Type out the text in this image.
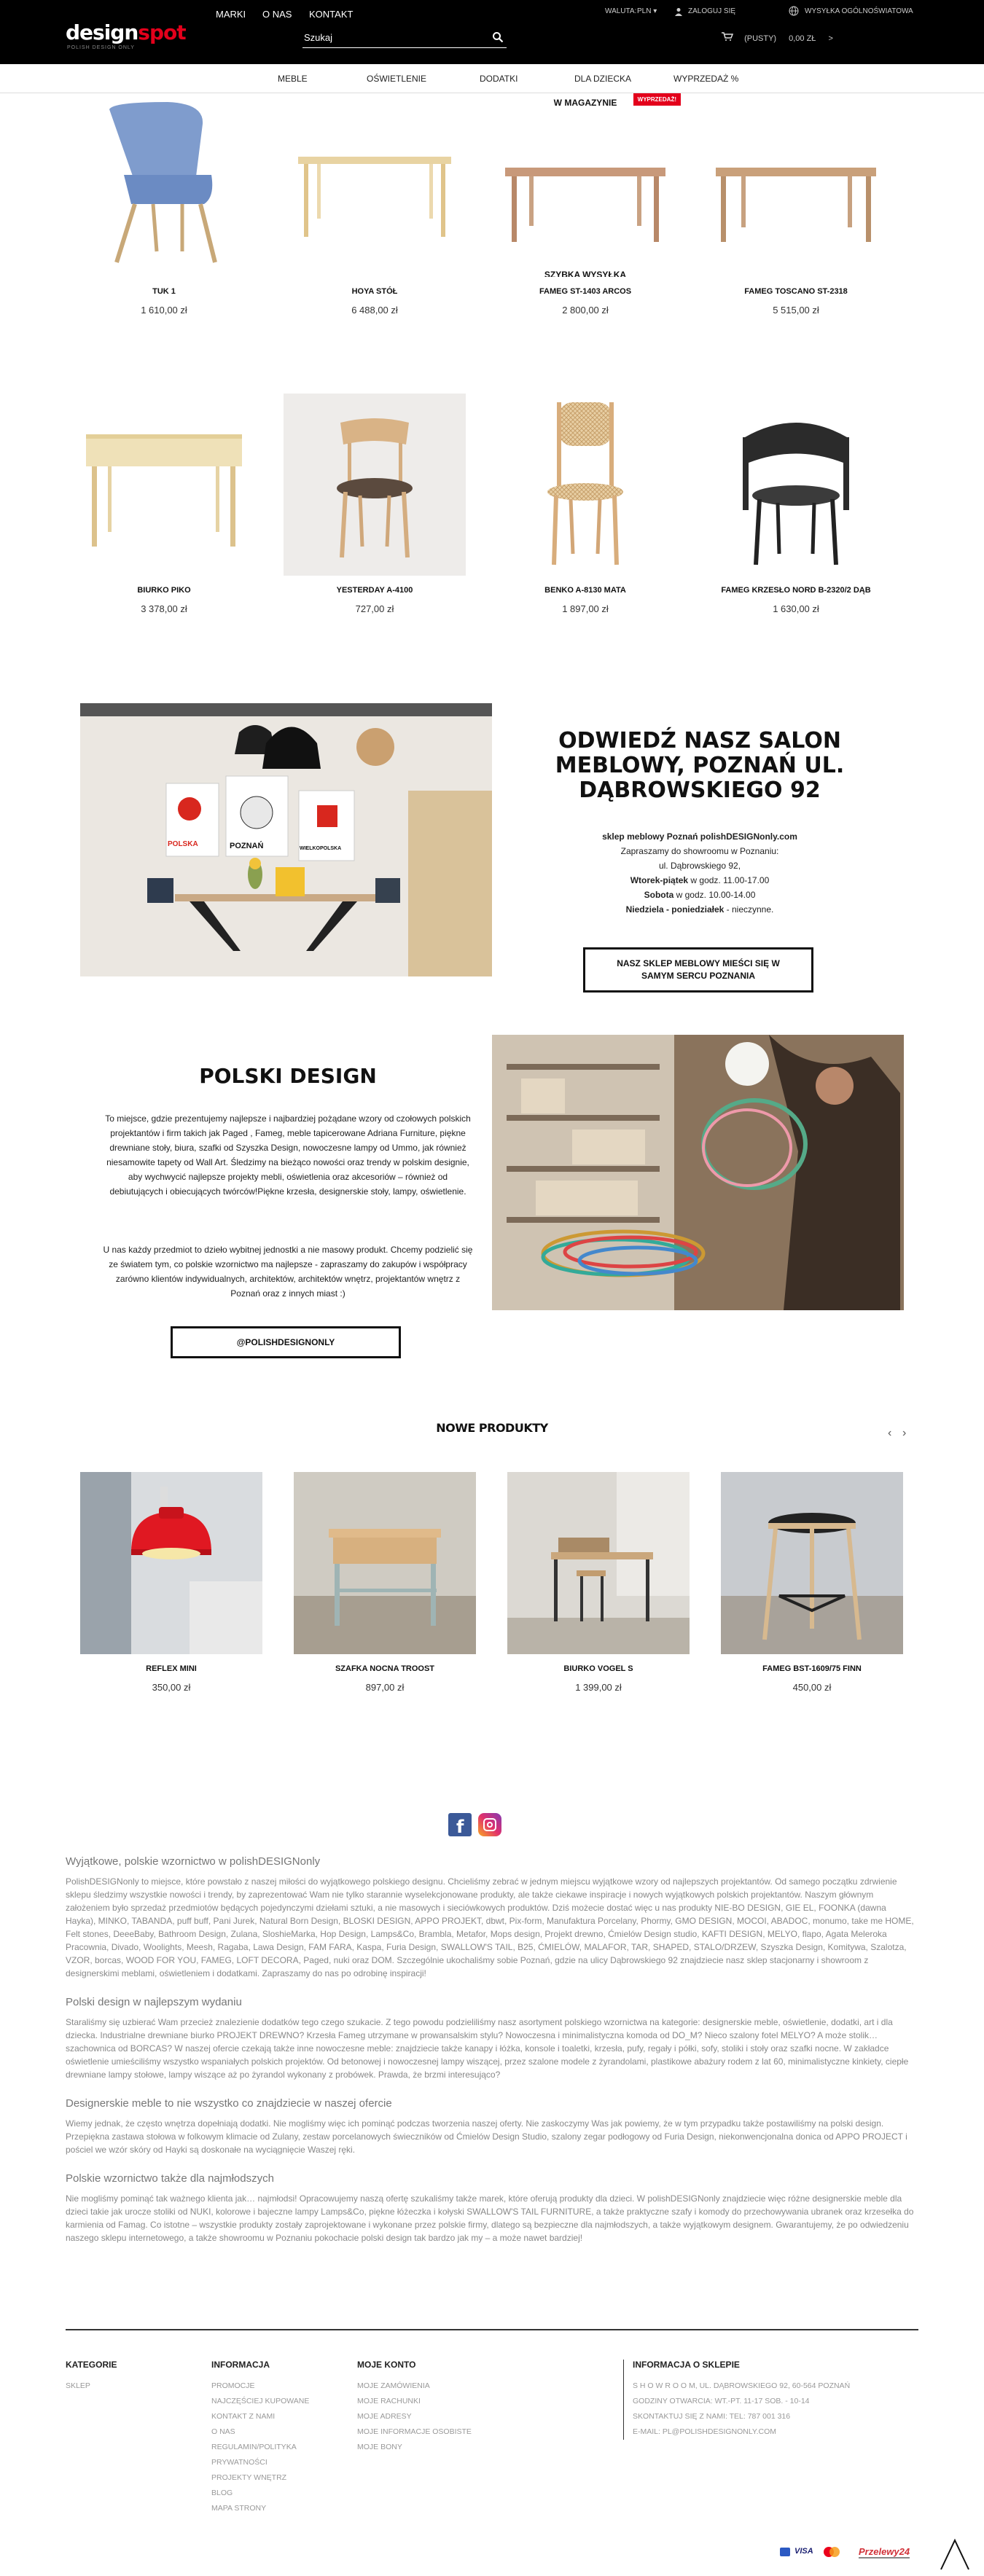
designspot
POLISH DESIGN ONLY
MARKI O NAS KONTAKT
Szukaj	WALUTA: PLN ▾	ZALOGUJ SIĘ	WYSYŁKA OGÓLNOŚWIATOWA
(PUSTY) 0,00 ZŁ >
MEBLE	OŚWIETLENIE	DODATKI	DLA DZIECKA	WYPRZEDAŻ %
TUK 1
1 610,00 zł
HOYA STÓŁ
6 488,00 zł
W MAGAZYNIE
SZYBKA WYSYŁKA
WYPRZEDAŻ!
FAMEG ST-1403 ARCOS
2 800,00 zł
FAMEG TOSCANO ST-2318
5 515,00 zł
BIURKO PIKO
3 378,00 zł
YESTERDAY A-4100
727,00 zł
BENKO A-8130 MATA
1 897,00 zł
FAMEG KRZESŁO NORD B-2320/2 DĄB
1 630,00 zł
POLSKA	POZNAŃ	WIELKOPOLSKA
ODWIEDŹ NASZ SALON MEBLOWY, POZNAŃ UL. DĄBROWSKIEGO 92
sklep meblowy Poznań polishDESIGNonly.com
Zapraszamy do showroomu w Poznaniu:
ul. Dąbrowskiego 92,
Wtorek-piątek w godz. 11.00-17.00
Sobota w godz. 10.00-14.00
Niedziela - poniedziałek - nieczynne.
NASZ SKLEP MEBLOWY MIEŚCI SIĘ W SAMYM SERCU POZNANIA
POLSKI DESIGN
To miejsce, gdzie prezentujemy najlepsze i najbardziej pożądane wzory od czołowych polskich projektantów i firm takich jak Paged , Fameg, meble tapicerowane Adriana Furniture, piękne drewniane stoły, biura, szafki od Szyszka Design, nowoczesne lampy od Ummo, jak również niesamowite tapety od Wall Art. Śledzimy na bieżąco nowości oraz trendy w polskim designie, aby wychwycić najlepsze projekty mebli, oświetlenia oraz akcesoriów – również od debiutujących i obiecujących twórców!Piękne krzesła, designerskie stoły, lampy, oświetlenie.
U nas każdy przedmiot to dzieło wybitnej jednostki a nie masowy produkt. Chcemy podzielić się ze światem tym, co polskie wzornictwo ma najlepsze - zapraszamy do zakupów i współpracy zarówno klientów indywidualnych, architektów, architektów wnętrz, projektantów wnętrz z Poznań oraz z innych miast :)
@POLISHDESIGNONLY
NOWE PRODUKTY	‹ ›
REFLEX MINI
350,00 zł
SZAFKA NOCNA TROOST
897,00 zł
BIURKO VOGEL S
1 399,00 zł
FAMEG BST-1609/75 FINN
450,00 zł
f
Wyjątkowe, polskie wzornictwo w polishDESIGNonly
PolishDESIGNonly to miejsce, które powstało z naszej miłości do wyjątkowego polskiego designu. Chcieliśmy zebrać w jednym miejscu wyjątkowe wzory od najlepszych projektantów. Od samego początku zdrwienie sklepu śledzimy wszystkie nowości i trendy, by zaprezentować Wam nie tylko starannie wyselekcjonowane produkty, ale także ciekawe inspiracje i nowych wyjątkowych polskich projektantów. Naszym głównym założeniem było sprzedaż przedmiotów będących pojedynczymi dziełami sztuki, a nie masowych i sieciówkowych produktów. Dziś możecie dostać więc u nas produkty NIE-BO DESIGN, GIE EL, FOONKA (dawna Hayka), MINKO, TABANDA, puff buff, Pani Jurek, Natural Born Design, BLOSKI DESIGN, APPO PROJEKT, dbwt, Pix-form, Manufaktura Porcelany, Phormy, GMO DESIGN, MOCOI, ABADOC, monumo, take me HOME, Felt stones, DeeeBaby, Bathroom Design, Zulana, SloshieMarka, Hop Design, Lamps&Co, Brambla, Metafor, Mops design, Projekt drewno, Ćmielów Design studio, KAFTI DESIGN, MELYO, flapo, Agata Meleroka Pracownia, Divado, Woolights, Meesh, Ragaba, Lawa Design, FAM FARA, Kaspa, Furia Design, SWALLOW'S TAIL, B25, ĆMIELÓW, MALAFOR, TAR, SHAPED, STALO/DRZEW, Szyszka Design, Komitywa, Szalotza, VZOR, borcas, WOOD FOR YOU, FAMEG, LOFT DECORA, Paged, nuki oraz DOM. Szczególnie ukochaliśmy sobie Poznań, gdzie na ulicy Dąbrowskiego 92 znajdziecie nasz sklep stacjonarny i showroom z designerskimi meblami, oświetleniem i dodatkami. Zapraszamy do nas po odrobinę inspiracji!
Polski design w najlepszym wydaniu
Staraliśmy się uzbierać Wam przecież znalezienie dodatków tego czego szukacie. Z tego powodu podzieliliśmy nasz asortyment polskiego wzornictwa na kategorie: designerskie meble, oświetlenie, dodatki, art i dla dziecka. Industrialne drewniane biurko PROJEKT DREWNO? Krzesła Fameg utrzymane w prowansalskim stylu? Nowoczesna i minimalistyczna komoda od DO_M? Nieco szalony fotel MELYO? A może stolik… szachownica od BORCAS? W naszej ofercie czekają także inne nowoczesne meble: znajdziecie także kanapy i łóżka, konsole i toaletki, krzesła, pufy, regały i półki, sofy, stoliki i stoły oraz szafki nocne. W zakładce oświetlenie umieściliśmy wszystko wspaniałych polskich projektów. Od betonowej i nowoczesnej lampy wiszącej, przez szalone modele z żyrandolami, plastikowe abażury rodem z lat 60, minimalistyczne kinkiety, ciepłe drewniane lampy stołowe, lampy wiszące aż po żyrandol wykonany z probówek. Prawda, że brzmi interesująco?
Designerskie meble to nie wszystko co znajdziecie w naszej ofercie
Wiemy jednak, że często wnętrza dopełniają dodatki. Nie mogliśmy więc ich pominąć podczas tworzenia naszej oferty. Nie zaskoczymy Was jak powiemy, że w tym przypadku także postawiliśmy na polski design. Przepiękna zastawa stołowa w folkowym klimacie od Zulany, zestaw porcelanowych świeczników od Ćmielów Design Studio, szalony zegar podłogowy od Furia Design, niekonwencjonalna donica od APPO PROJECT i pościel we wzór skóry od Hayki są doskonałe na wyciągnięcie Waszej ręki.
Polskie wzornictwo także dla najmłodszych
Nie mogliśmy pominąć tak ważnego klienta jak… najmłodsi! Opracowujemy naszą ofertę szukaliśmy także marek, które oferują produkty dla dzieci. W polishDESIGNonly znajdziecie więc różne designerskie meble dla dzieci takie jak urocze stoliki od NUKI, kolorowe i bajeczne lampy Lamps&Co, piękne łóżeczka i kołyski SWALLOW'S TAIL FURNITURE, a także praktyczne szafy i komody do przechowywania ubranek oraz krzesełka do karmienia od Famag. Co istotne – wszystkie produkty zostały zaprojektowane i wykonane przez polskie firmy, dlatego są bezpieczne dla najmłodszych, a także wyjątkowym designem. Gwarantujemy, że po odwiedzeniu naszego sklepu internetowego, a także showroomu w Poznaniu pokochacie polski design tak bardzo jak my – a może nawet bardziej!
KATEGORIE
SKLEP
INFORMACJA
PROMOCJE
NAJCZĘŚCIEJ KUPOWANE
KONTAKT Z NAMI
O NAS
REGULAMIN/POLITYKA PRYWATNOŚCI
PROJEKTY WNĘTRZ
BLOG
MAPA STRONY
MOJE KONTO
MOJE ZAMÓWIENIA
MOJE RACHUNKI
MOJE ADRESY
MOJE INFORMACJE OSOBISTE
MOJE BONY
INFORMACJA O SKLEPIE
S H O W R O O M, UL. DĄBROWSKIEGO 92, 60-564 POZNAŃ
GODZINY OTWARCIA: WT.-PT. 11-17 SOB. - 10-14
SKONTAKTUJ SIĘ Z NAMI: TEL: 787 001 316
E-MAIL: PL@POLISHDESIGNONLY.COM
VISA	Przelewy24
